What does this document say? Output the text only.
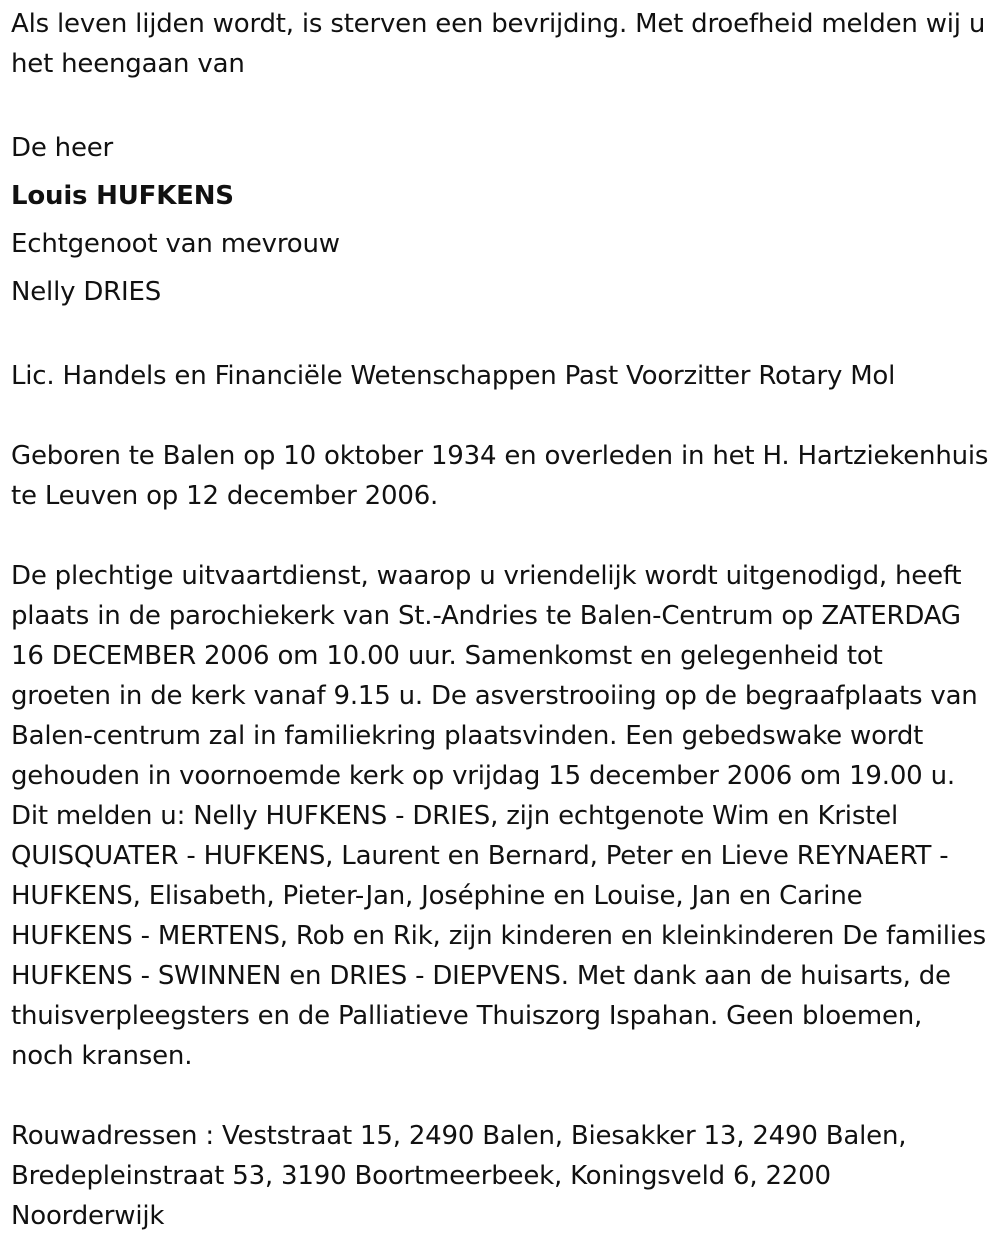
Als leven lijden wordt, is sterven een bevrijding. Met droefheid melden wij u het heengaan van

De heer

Louis HUFKENS

Echtgenoot van mevrouw

Nelly DRIES

Lic. Handels en Financiële Wetenschappen Past Voorzitter Rotary Mol

Geboren te Balen op 10 oktober 1934 en overleden in het H. Hartziekenhuis te Leuven op 12 december 2006.

De plechtige uitvaartdienst, waarop u vriendelijk wordt uitgenodigd, heeft plaats in de parochiekerk van St.-Andries te Balen-Centrum op ZATERDAG 16 DECEMBER 2006 om 10.00 uur. Samenkomst en gelegenheid tot groeten in de kerk vanaf 9.15 u. De asverstrooiing op de begraafplaats van Balen-centrum zal in familiekring plaatsvinden. Een gebedswake wordt gehouden in voornoemde kerk op vrijdag 15 december 2006 om 19.00 u. Dit melden u: Nelly HUFKENS - DRIES, zijn echtgenote Wim en Kristel QUISQUATER - HUFKENS, Laurent en Bernard, Peter en Lieve REYNAERT - HUFKENS, Elisabeth, Pieter-Jan, Joséphine en Louise, Jan en Carine HUFKENS - MERTENS, Rob en Rik, zijn kinderen en kleinkinderen De families HUFKENS - SWINNEN en DRIES - DIEPVENS. Met dank aan de huisarts, de thuisverpleegsters en de Palliatieve Thuiszorg Ispahan. Geen bloemen, noch kransen.

Rouwadressen : Veststraat 15, 2490 Balen, Biesakker 13, 2490 Balen, Bredepleinstraat 53, 3190 Boortmeerbeek, Koningsveld 6, 2200 Noorderwijk
